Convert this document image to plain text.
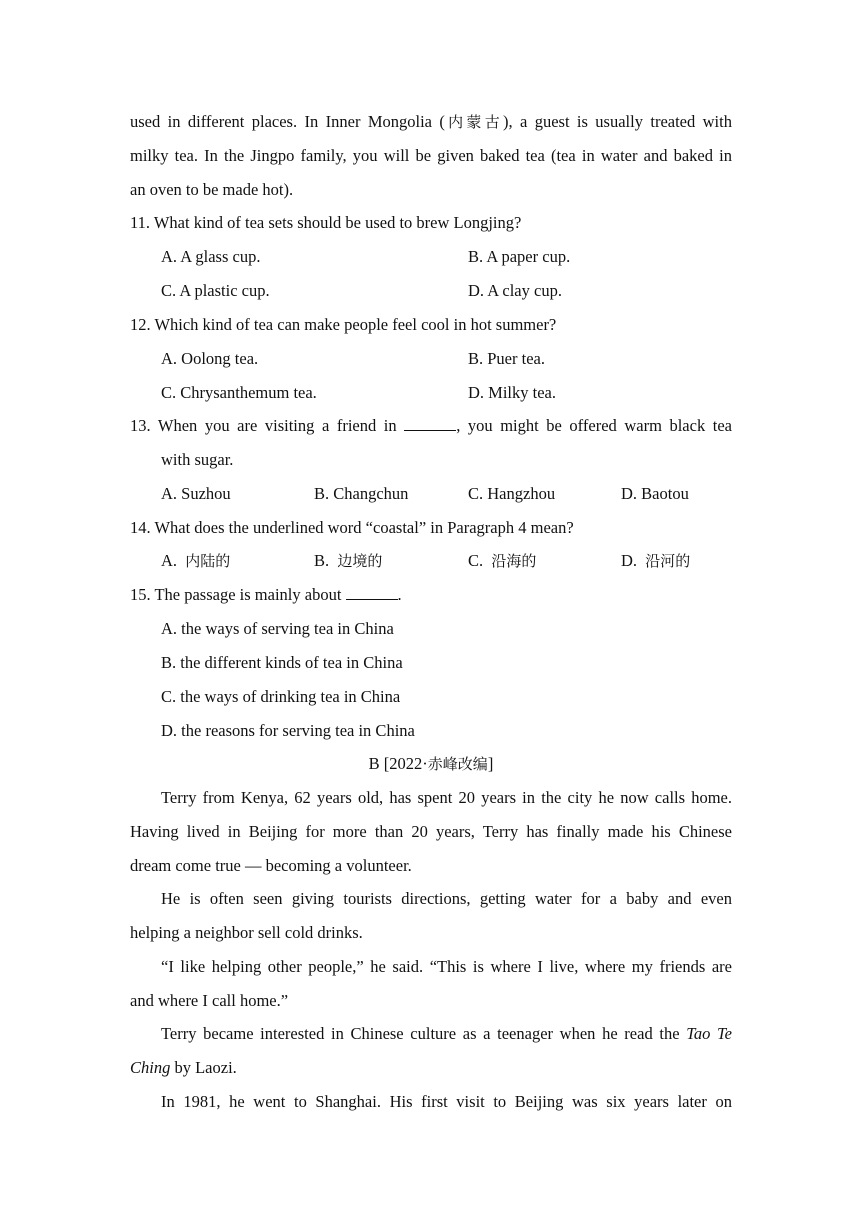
used in different places. In Inner Mongolia (内蒙古), a guest is usually treated with
milky tea. In the Jingpo family, you will be given baked tea (tea in water and baked in
an oven to be made hot).
11. What kind of tea sets should be used to brew Longjing?
A. A glass cup.	B. A paper cup.
C. A plastic cup.	D. A clay cup.
12. Which kind of tea can make people feel cool in hot summer?
A. Oolong tea.	B. Puer tea.
C. Chrysanthemum tea.	D. Milky tea.
13. When you are visiting a friend in	, you might be offered warm black tea
with sugar.
A. Suzhou	B. Changchun	C. Hangzhou	D. Baotou
14. What does the underlined word “coastal” in Paragraph 4 mean?
A. 内陆的	B. 边境的	C. 沿海的	D. 沿河的
15. The passage is mainly about	.
A. the ways of serving tea in China
B. the different kinds of tea in China
C. the ways of drinking tea in China
D. the reasons for serving tea in China
B [2022·赤峰改编]
Terry from Kenya, 62 years old, has spent 20 years in the city he now calls home.
Having lived in Beijing for more than 20 years, Terry has finally made his Chinese
dream come true — becoming a volunteer.
He is often seen giving tourists directions, getting water for a baby and even
helping a neighbor sell cold drinks.
“I like helping other people,” he said. “This is where I live, where my friends are
and where I call home.”
Terry became interested in Chinese culture as a teenager when he read the Tao Te
Ching by Laozi.
In 1981, he went to Shanghai. His first visit to Beijing was six years later on
